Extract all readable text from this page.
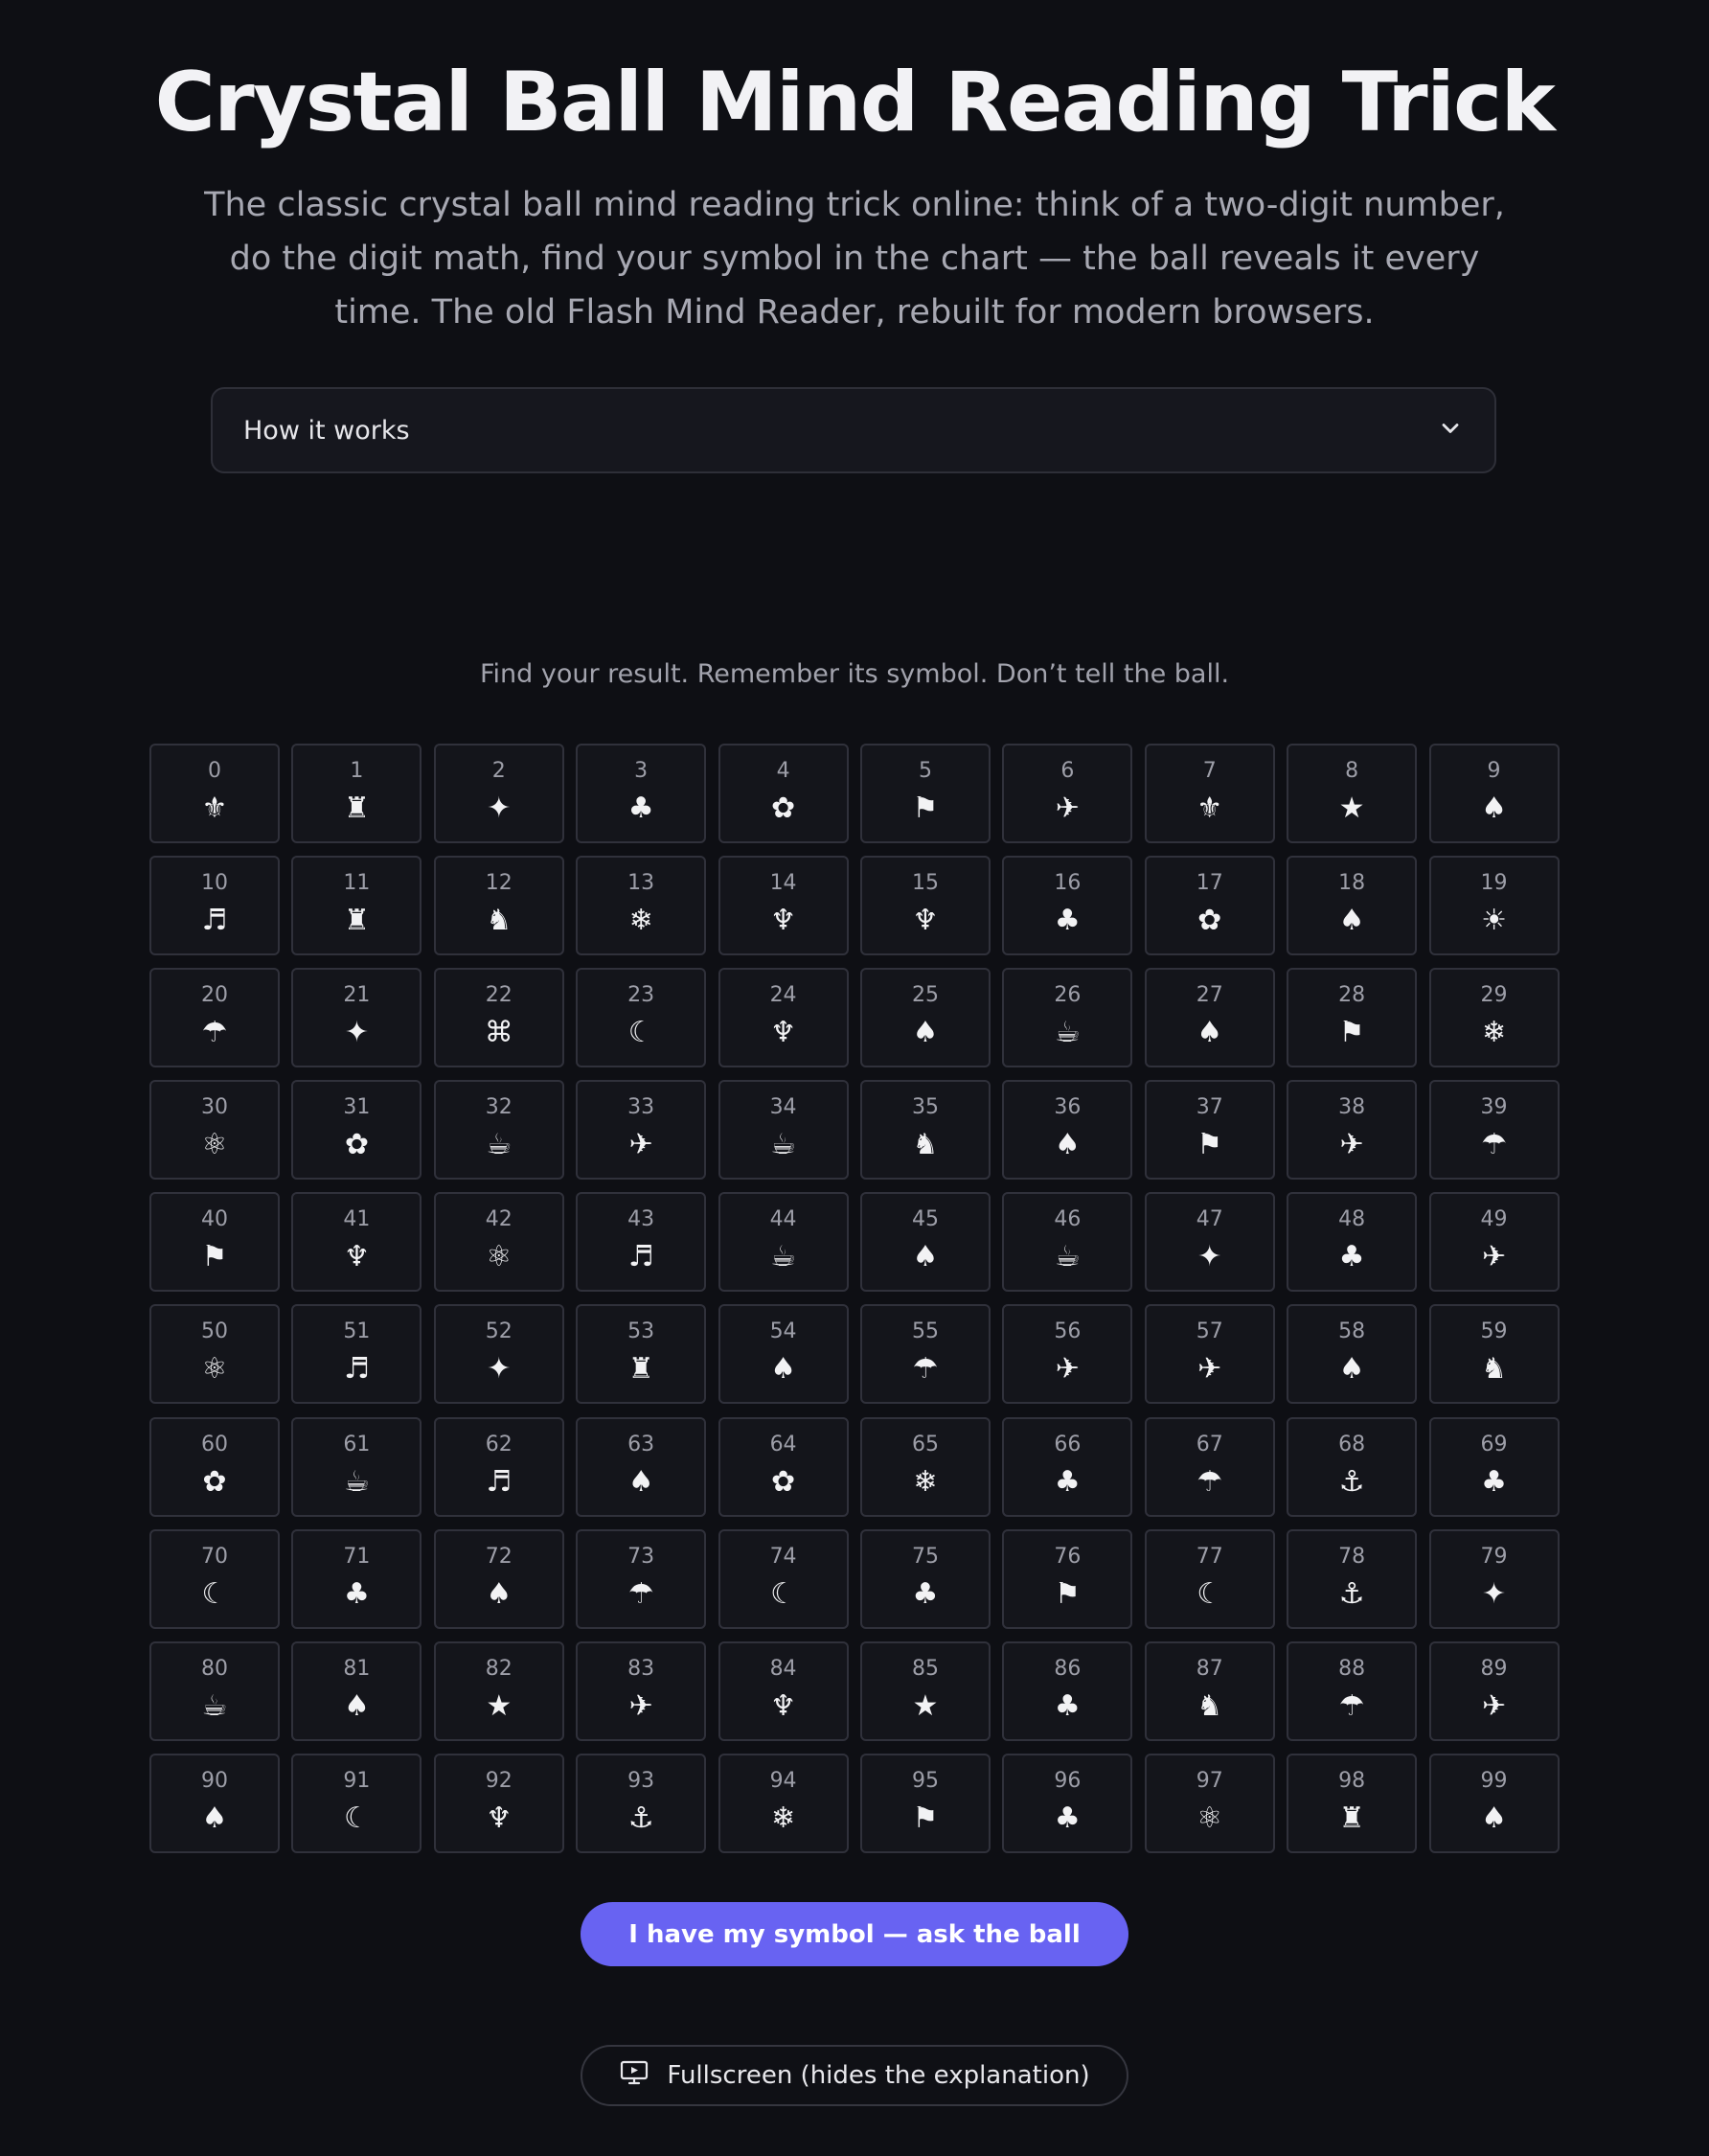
Crystal Ball Mind Reading Trick

The classic crystal ball mind reading trick online: think of a two-digit number, do the digit math, find your symbol in the chart — the ball reveals it every time. The old Flash Mind Reader, rebuilt for modern browsers.

How it works
Find your result. Remember its symbol. Don’t tell the ball.
0
⚜
1
♜
2
✦
3
♣
4
✿
5
⚑
6
✈
7
⚜
8
★
9
♠
10
♬
11
♜
12
♞
13
❄
14
♆
15
♆
16
♣
17
✿
18
♠
19
☀
20
☂
21
✦
22
⌘
23
☾
24
♆
25
♠
26
☕
27
♠
28
⚑
29
❄
30
⚛
31
✿
32
☕
33
✈
34
☕
35
♞
36
♠
37
⚑
38
✈
39
☂
40
⚑
41
♆
42
⚛
43
♬
44
☕
45
♠
46
☕
47
✦
48
♣
49
✈
50
⚛
51
♬
52
✦
53
♜
54
♠
55
☂
56
✈
57
✈
58
♠
59
♞
60
✿
61
☕
62
♬
63
♠
64
✿
65
❄
66
♣
67
☂
68
⚓
69
♣
70
☾
71
♣
72
♠
73
☂
74
☾
75
♣
76
⚑
77
☾
78
⚓
79
✦
80
☕
81
♠
82
★
83
✈
84
♆
85
★
86
♣
87
♞
88
☂
89
✈
90
♠
91
☾
92
♆
93
⚓
94
❄
95
⚑
96
♣
97
⚛
98
♜
99
♠
I have my symbol — ask the ball
Fullscreen (hides the explanation)
